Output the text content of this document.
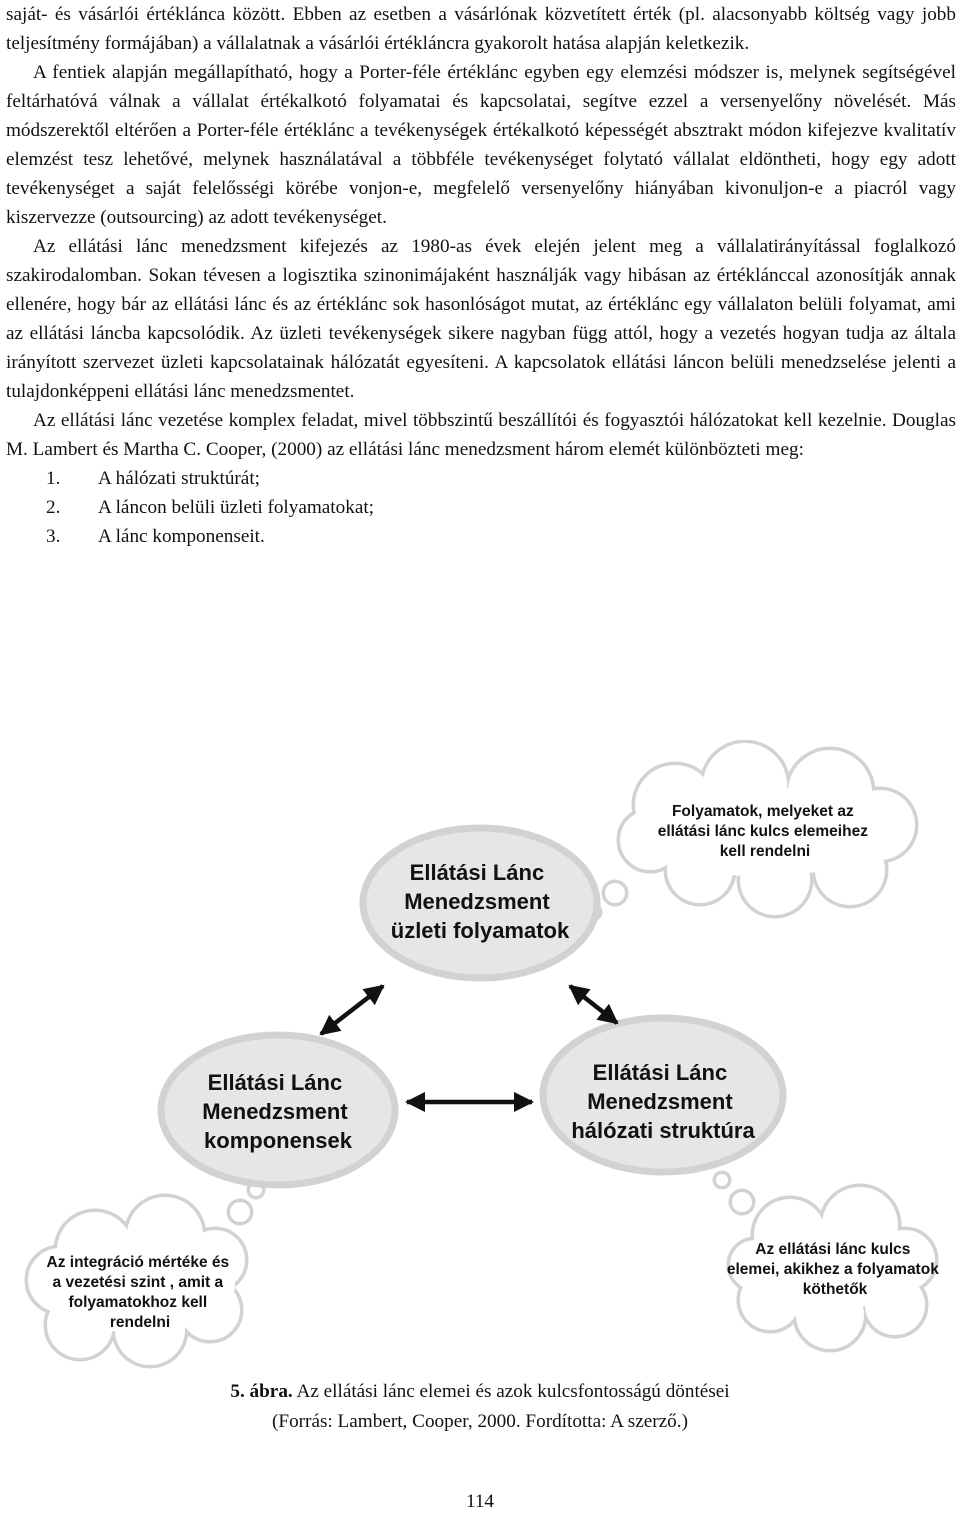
saját- és vásárlói értéklánca között. Ebben az esetben a vásárlónak közvetített érték (pl. alacsonyabb költség vagy jobb teljesítmény formájában) a vállalatnak a vásárlói értékláncra gyakorolt hatása alapján keletkezik.

A fentiek alapján megállapítható, hogy a Porter-féle értéklánc egyben egy elemzési módszer is, melynek segítségével feltárhatóvá válnak a vállalat értékalkotó folyamatai és kapcsolatai, segítve ezzel a versenyelőny növelését. Más módszerektől eltérően a Porter-féle értéklánc a tevékenységek értékalkotó képességét absztrakt módon kifejezve kvalitatív elemzést tesz lehetővé, melynek használatával a többféle tevékenységet folytató vállalat eldöntheti, hogy egy adott tevékenységet a saját felelősségi körébe vonjon-e, megfelelő versenyelőny hiányában kivonuljon-e a piacról vagy kiszervezze (outsourcing) az adott tevékenységet.

Az ellátási lánc menedzsment kifejezés az 1980-as évek elején jelent meg a vállalatirányítással foglalkozó szakirodalomban. Sokan tévesen a logisztika szinonimájaként használják vagy hibásan az értéklánccal azonosítják annak ellenére, hogy bár az ellátási lánc és az értéklánc sok hasonlóságot mutat, az értéklánc egy vállalaton belüli folyamat, ami az ellátási láncba kapcsolódik. Az üzleti tevékenységek sikere nagyban függ attól, hogy a vezetés hogyan tudja az általa irányított szervezet üzleti kapcsolatainak hálózatát egyesíteni. A kapcsolatok ellátási láncon belüli menedzselése jelenti a tulajdonképpeni ellátási lánc menedzsmentet.

Az ellátási lánc vezetése komplex feladat, mivel többszintű beszállítói és fogyasztói hálózatokat kell kezelnie. Douglas M. Lambert és Martha C. Cooper, (2000) az ellátási lánc menedzsment három elemét különbözteti meg:

1.	A hálózati struktúrát;
2.	A láncon belüli üzleti folyamatokat;
3.	A lánc komponenseit.
Folyamatok, melyeket az ellátási lánc kulcs elemeihez kell rendelni
Az integráció mértéke és a vezetési szint , amit a folyamatokhoz kell rendelni
Az ellátási lánc kulcs elemei, akikhez a folyamatok köthetők
Ellátási Lánc Menedzsment üzleti folyamatok
Ellátási Lánc Menedzsment komponensek
Ellátási Lánc Menedzsment hálózati struktúra
5. ábra. Az ellátási lánc elemei és azok kulcsfontosságú döntései
(Forrás: Lambert, Cooper, 2000. Fordította: A szerző.)
114
